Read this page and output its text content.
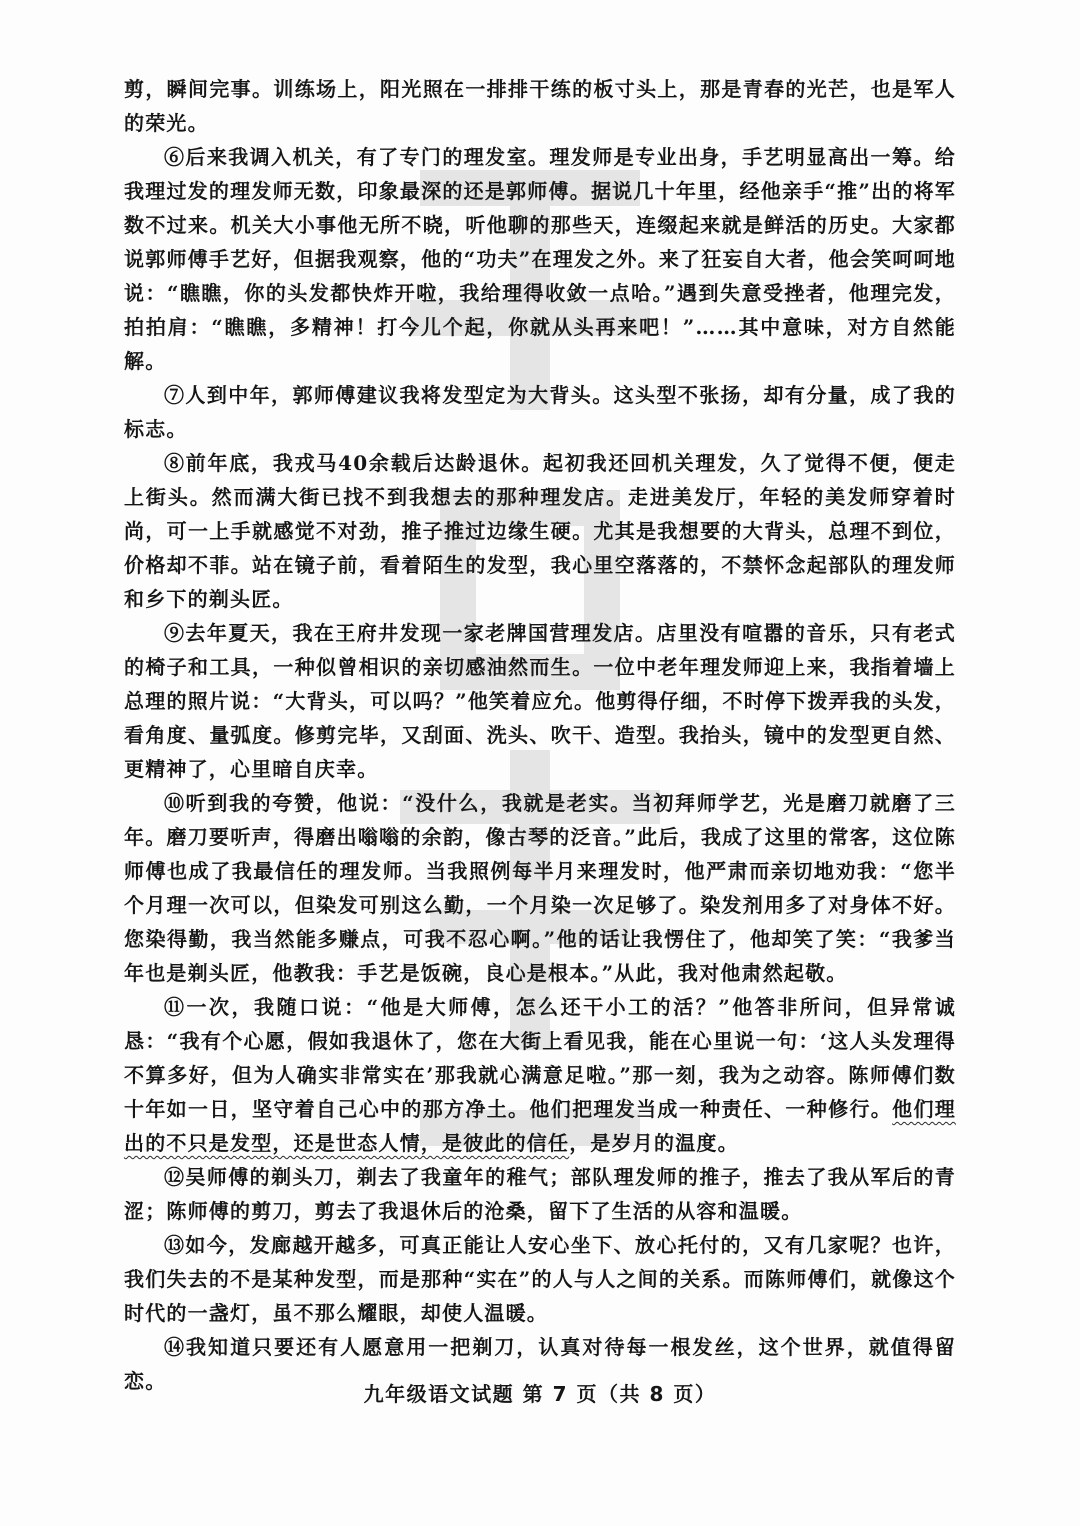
剪，瞬间完事。训练场上，阳光照在一排排干练的板寸头上，那是青春的光芒，也是军人的荣光。

⑥后来我调入机关，有了专门的理发室。理发师是专业出身，手艺明显高出一筹。给我理过发的理发师无数，印象最深的还是郭师傅。据说几十年里，经他亲手“推”出的将军数不过来。机关大小事他无所不晓，听他聊的那些天，连缀起来就是鲜活的历史。大家都说郭师傅手艺好，但据我观察，他的“功夫”在理发之外。来了狂妄自大者，他会笑呵呵地说：“瞧瞧，你的头发都快炸开啦，我给理得收敛一点哈。”遇到失意受挫者，他理完发，拍拍肩：“瞧瞧，多精神！打今儿个起，你就从头再来吧！”……其中意味，对方自然能解。

⑦人到中年，郭师傅建议我将发型定为大背头。这头型不张扬，却有分量，成了我的标志。

⑧前年底，我戎马40余载后达龄退休。起初我还回机关理发，久了觉得不便，便走上街头。然而满大街已找不到我想去的那种理发店。走进美发厅，年轻的美发师穿着时尚，可一上手就感觉不对劲，推子推过边缘生硬。尤其是我想要的大背头，总理不到位，价格却不菲。站在镜子前，看着陌生的发型，我心里空落落的，不禁怀念起部队的理发师和乡下的剃头匠。

⑨去年夏天，我在王府井发现一家老牌国营理发店。店里没有喧嚣的音乐，只有老式的椅子和工具，一种似曾相识的亲切感油然而生。一位中老年理发师迎上来，我指着墙上总理的照片说：“大背头，可以吗？”他笑着应允。他剪得仔细，不时停下拨弄我的头发，看角度、量弧度。修剪完毕，又刮面、洗头、吹干、造型。我抬头，镜中的发型更自然、更精神了，心里暗自庆幸。

⑩听到我的夸赞，他说：“没什么，我就是老实。当初拜师学艺，光是磨刀就磨了三年。磨刀要听声，得磨出嗡嗡的余韵，像古琴的泛音。”此后，我成了这里的常客，这位陈师傅也成了我最信任的理发师。当我照例每半月来理发时，他严肃而亲切地劝我：“您半个月理一次可以，但染发可别这么勤，一个月染一次足够了。染发剂用多了对身体不好。您染得勤，我当然能多赚点，可我不忍心啊。”他的话让我愣住了，他却笑了笑：“我爹当年也是剃头匠，他教我：手艺是饭碗，良心是根本。”从此，我对他肃然起敬。

⑪一次，我随口说：“他是大师傅，怎么还干小工的活？”他答非所问，但异常诚恳：“我有个心愿，假如我退休了，您在大街上看见我，能在心里说一句：‘这人头发理得不算多好，但为人确实非常实在’那我就心满意足啦。”那一刻，我为之动容。陈师傅们数十年如一日，坚守着自己心中的那方净土。他们把理发当成一种责任、一种修行。他们理出的不只是发型，还是世态人情，是彼此的信任，是岁月的温度。

⑫吴师傅的剃头刀，剃去了我童年的稚气；部队理发师的推子，推去了我从军后的青涩；陈师傅的剪刀，剪去了我退休后的沧桑，留下了生活的从容和温暖。

⑬如今，发廊越开越多，可真正能让人安心坐下、放心托付的，又有几家呢？也许，我们失去的不是某种发型，而是那种“实在”的人与人之间的关系。而陈师傅们，就像这个时代的一盏灯，虽不那么耀眼，却使人温暖。

⑭我知道只要还有人愿意用一把剃刀，认真对待每一根发丝，这个世界，就值得留恋。

九年级语文试题 第 7 页（共 8 页）
